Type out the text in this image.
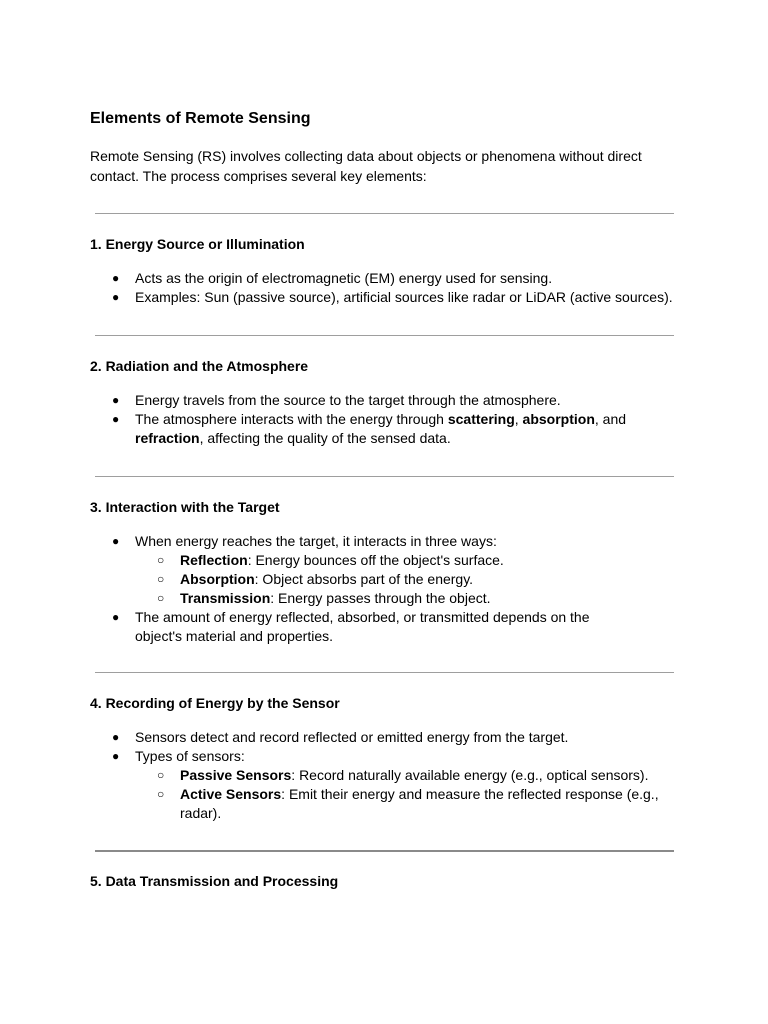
Elements of Remote Sensing

Remote Sensing (RS) involves collecting data about objects or phenomena without direct contact. The process comprises several key elements:

1. Energy Source or Illumination
● Acts as the origin of electromagnetic (EM) energy used for sensing.
● Examples: Sun (passive source), artificial sources like radar or LiDAR (active sources).
2. Radiation and the Atmosphere
● Energy travels from the source to the target through the atmosphere.
● The atmosphere interacts with the energy through scattering, absorption, and refraction, affecting the quality of the sensed data.
3. Interaction with the Target
● When energy reaches the target, it interacts in three ways:
○ Reflection: Energy bounces off the object's surface.
○ Absorption: Object absorbs part of the energy.
○ Transmission: Energy passes through the object.
● The amount of energy reflected, absorbed, or transmitted depends on the object's material and properties.
4. Recording of Energy by the Sensor
● Sensors detect and record reflected or emitted energy from the target.
● Types of sensors:
○ Passive Sensors: Record naturally available energy (e.g., optical sensors).
○ Active Sensors: Emit their energy and measure the reflected response (e.g., radar).
5. Data Transmission and Processing
